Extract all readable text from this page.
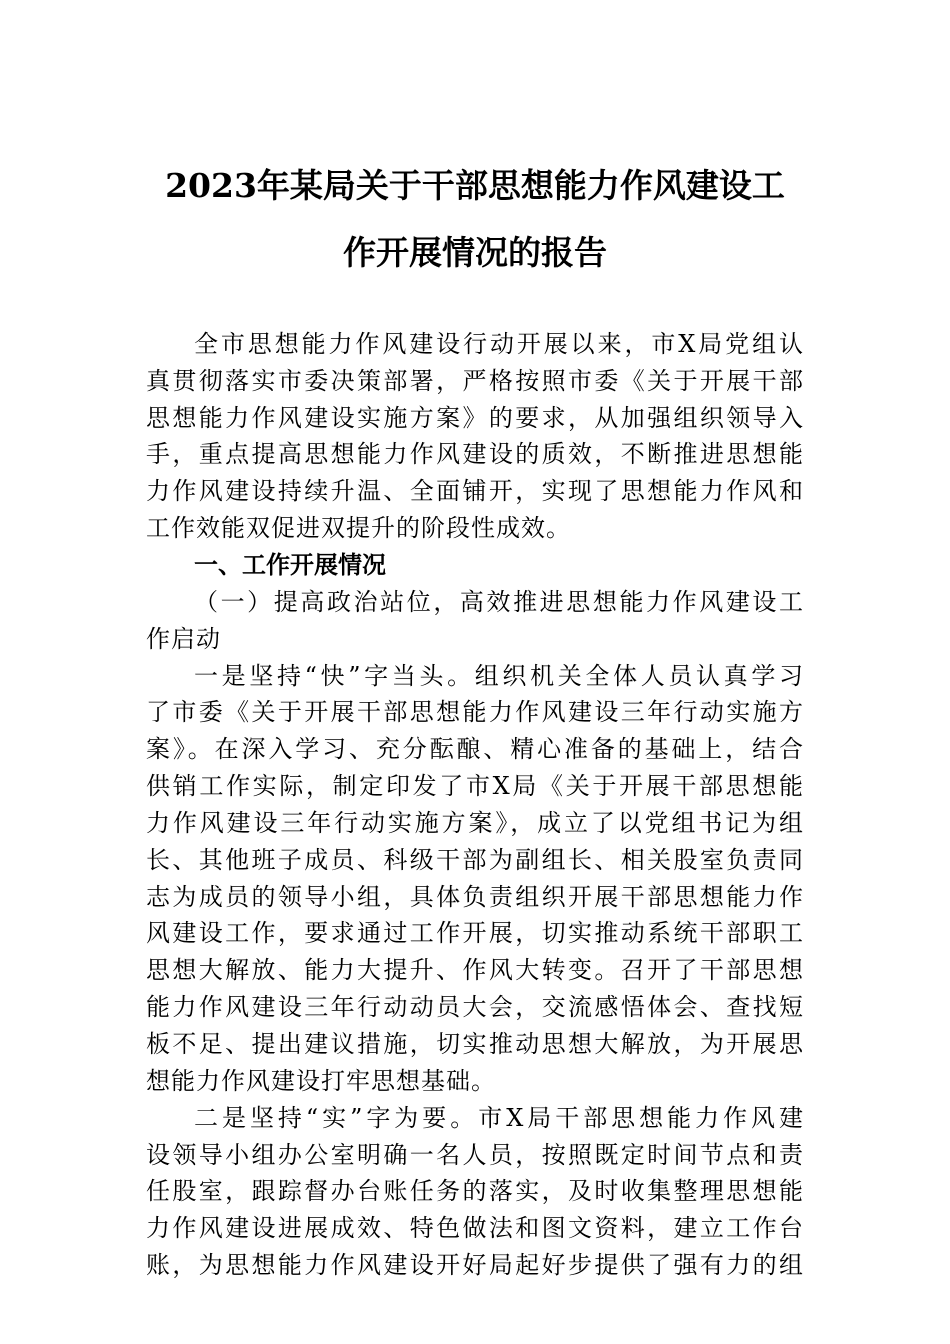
2023年某局关于干部思想能力作风建设工
作开展情况的报告
全市思想能力作风建设行动开展以来，市X局党组认
真贯彻落实市委决策部署，严格按照市委《关于开展干部
思想能力作风建设实施方案》的要求，从加强组织领导入
手，重点提高思想能力作风建设的质效，不断推进思想能
力作风建设持续升温、全面铺开，实现了思想能力作风和
工作效能双促进双提升的阶段性成效。
一、工作开展情况
（一）提高政治站位，高效推进思想能力作风建设工
作启动
一是坚持“快”字当头。组织机关全体人员认真学习
了市委《关于开展干部思想能力作风建设三年行动实施方
案》。在深入学习、充分酝酿、精心准备的基础上，结合
供销工作实际，制定印发了市X局《关于开展干部思想能
力作风建设三年行动实施方案》，成立了以党组书记为组
长、其他班子成员、科级干部为副组长、相关股室负责同
志为成员的领导小组，具体负责组织开展干部思想能力作
风建设工作，要求通过工作开展，切实推动系统干部职工
思想大解放、能力大提升、作风大转变。召开了干部思想
能力作风建设三年行动动员大会，交流感悟体会、查找短
板不足、提出建议措施，切实推动思想大解放，为开展思
想能力作风建设打牢思想基础。
二是坚持“实”字为要。市X局干部思想能力作风建
设领导小组办公室明确一名人员，按照既定时间节点和责
任股室，跟踪督办台账任务的落实，及时收集整理思想能
力作风建设进展成效、特色做法和图文资料，建立工作台
账，为思想能力作风建设开好局起好步提供了强有力的组
